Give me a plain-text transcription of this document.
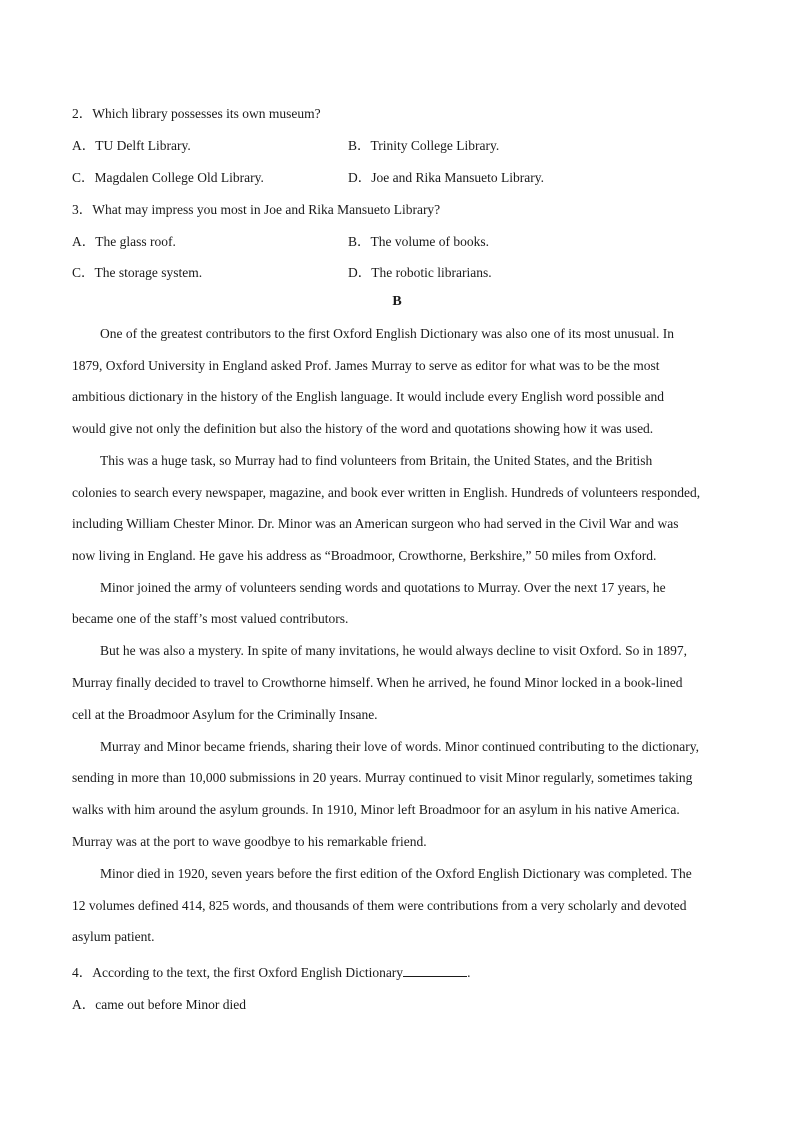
2．Which library possesses its own museum?
A．TU Delft Library.	B．Trinity College Library.
C．Magdalen College Old Library.	D．Joe and Rika Mansueto Library.
3．What may impress you most in Joe and Rika Mansueto Library?
A．The glass roof.	B．The volume of books.
C．The storage system.	D．The robotic librarians.
B
One of the greatest contributors to the first Oxford English Dictionary was also one of its most unusual. In
1879, Oxford University in England asked Prof. James Murray to serve as editor for what was to be the most
ambitious dictionary in the history of the English language. It would include every English word possible and
would give not only the definition but also the history of the word and quotations showing how it was used.
This was a huge task, so Murray had to find volunteers from Britain, the United States, and the British
colonies to search every newspaper, magazine, and book ever written in English. Hundreds of volunteers responded,
including William Chester Minor. Dr. Minor was an American surgeon who had served in the Civil War and was
now living in England. He gave his address as “Broadmoor, Crowthorne, Berkshire,” 50 miles from Oxford.
Minor joined the army of volunteers sending words and quotations to Murray. Over the next 17 years, he
became one of the staff’s most valued contributors.
But he was also a mystery. In spite of many invitations, he would always decline to visit Oxford. So in 1897,
Murray finally decided to travel to Crowthorne himself. When he arrived, he found Minor locked in a book-lined
cell at the Broadmoor Asylum for the Criminally Insane.
Murray and Minor became friends, sharing their love of words. Minor continued contributing to the dictionary,
sending in more than 10,000 submissions in 20 years. Murray continued to visit Minor regularly, sometimes taking
walks with him around the asylum grounds. In 1910, Minor left Broadmoor for an asylum in his native America.
Murray was at the port to wave goodbye to his remarkable friend.
Minor died in 1920, seven years before the first edition of the Oxford English Dictionary was completed. The
12 volumes defined 414, 825 words, and thousands of them were contributions from a very scholarly and devoted
asylum patient.
4．According to the text, the first Oxford English Dictionary	.
A．came out before Minor died
